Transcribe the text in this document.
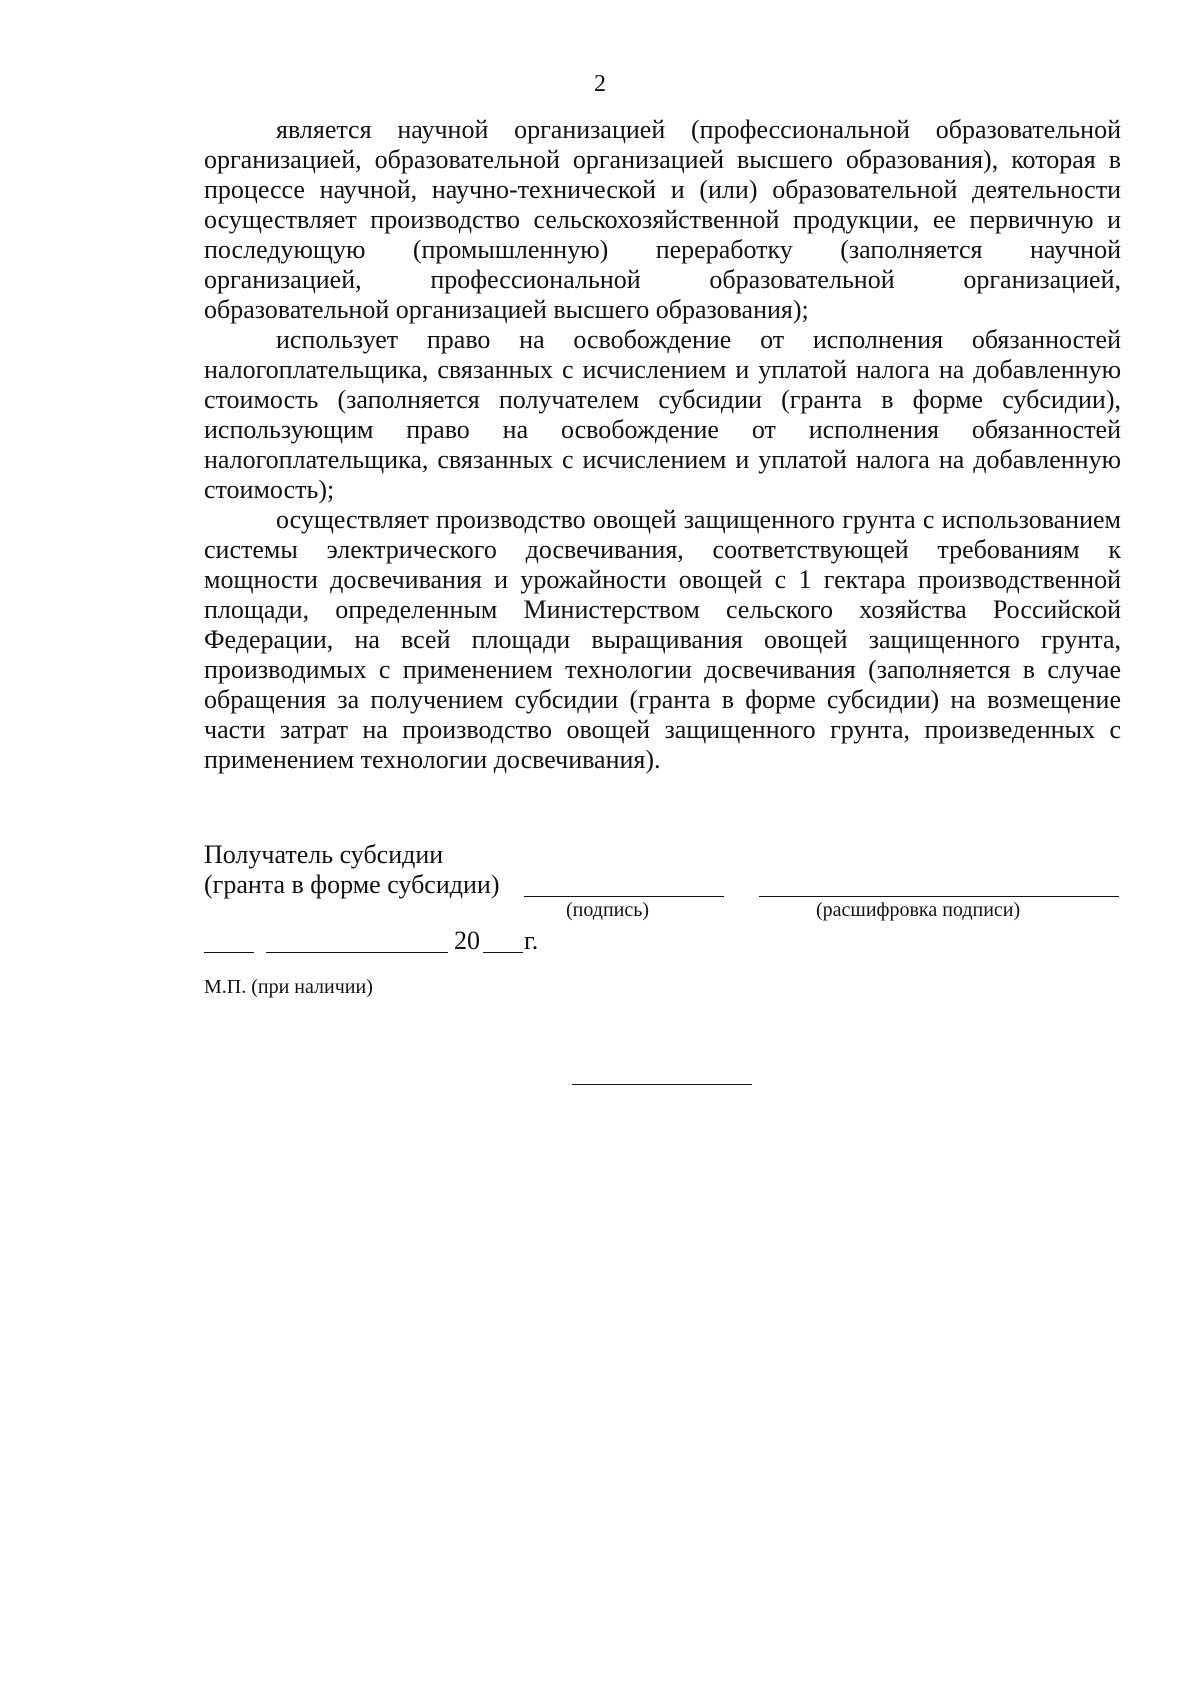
2

является научной организацией (профессиональной образовательной организацией, образовательной организацией высшего образования), которая в процессе научной, научно-технической и (или) образовательной деятельности осуществляет производство сельскохозяйственной продукции, ее первичную и последующую (промышленную) переработку (заполняется научной организацией, профессиональной образовательной организацией, образовательной организацией высшего образования);

использует право на освобождение от исполнения обязанностей налогоплательщика, связанных с исчислением и уплатой налога на добавленную стоимость (заполняется получателем субсидии (гранта в форме субсидии), использующим право на освобождение от исполнения обязанностей налогоплательщика, связанных с исчислением и уплатой налога на добавленную стоимость);

осуществляет производство овощей защищенного грунта с использованием системы электрического досвечивания, соответствующей требованиям к мощности досвечивания и урожайности овощей с 1 гектара производственной площади, определенным Министерством сельского хозяйства Российской Федерации, на всей площади выращивания овощей защищенного грунта, производимых с применением технологии досвечивания (заполняется в случае обращения за получением субсидии (гранта в форме субсидии) на возмещение части затрат на производство овощей защищенного грунта, произведенных с применением технологии досвечивания).

Получатель субсидии
(гранта в форме субсидии)
(подпись)	(расшифровка подписи)
20 г.
М.П. (при наличии)
